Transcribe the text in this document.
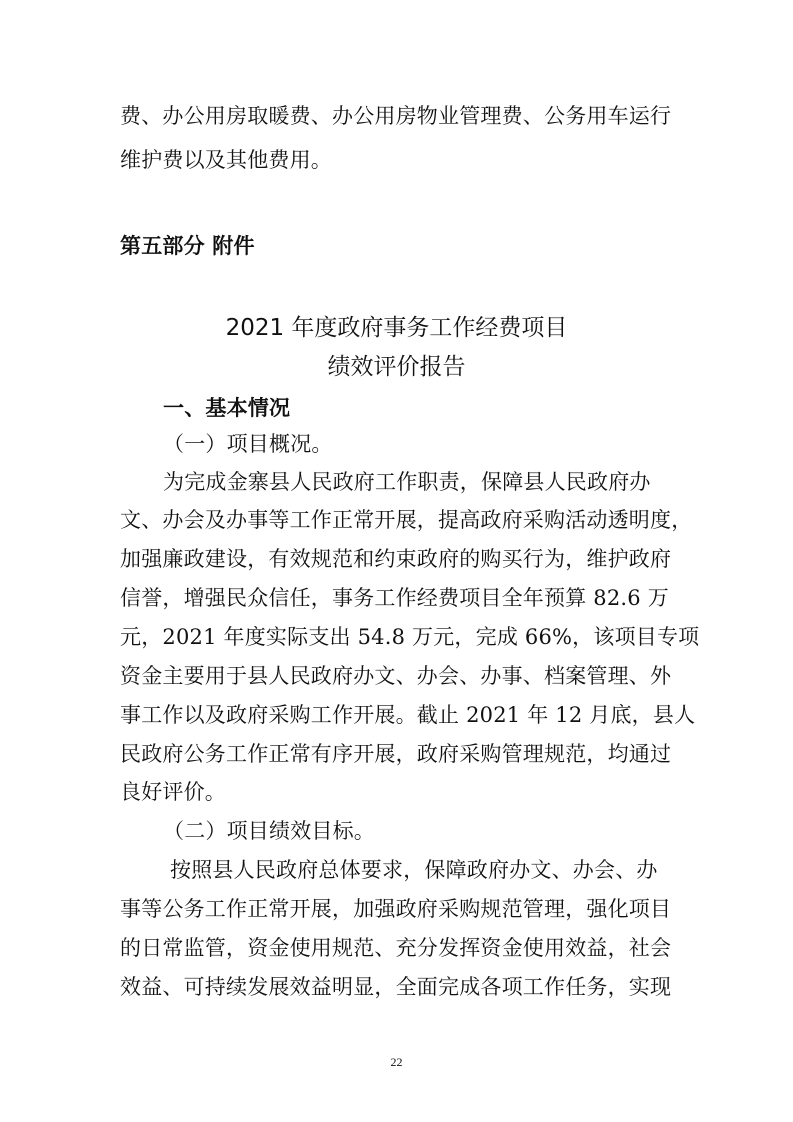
费、办公用房取暖费、办公用房物业管理费、公务用车运行
维护费以及其他费用。
第五部分 附件
2021 年度政府事务工作经费项目
绩效评价报告
一、基本情况
（一）项目概况。
为完成金寨县人民政府工作职责，保障县人民政府办
文、办会及办事等工作正常开展，提高政府采购活动透明度，
加强廉政建设，有效规范和约束政府的购买行为，维护政府
信誉，增强民众信任，事务工作经费项目全年预算 82.6 万
元，2021 年度实际支出 54.8 万元，完成 66%，该项目专项
资金主要用于县人民政府办文、办会、办事、档案管理、外
事工作以及政府采购工作开展。截止 2021 年 12 月底，县人
民政府公务工作正常有序开展，政府采购管理规范，均通过
良好评价。
（二）项目绩效目标。
按照县人民政府总体要求，保障政府办文、办会、办
事等公务工作正常开展，加强政府采购规范管理，强化项目
的日常监管，资金使用规范、充分发挥资金使用效益，社会
效益、可持续发展效益明显，全面完成各项工作任务，实现
22
